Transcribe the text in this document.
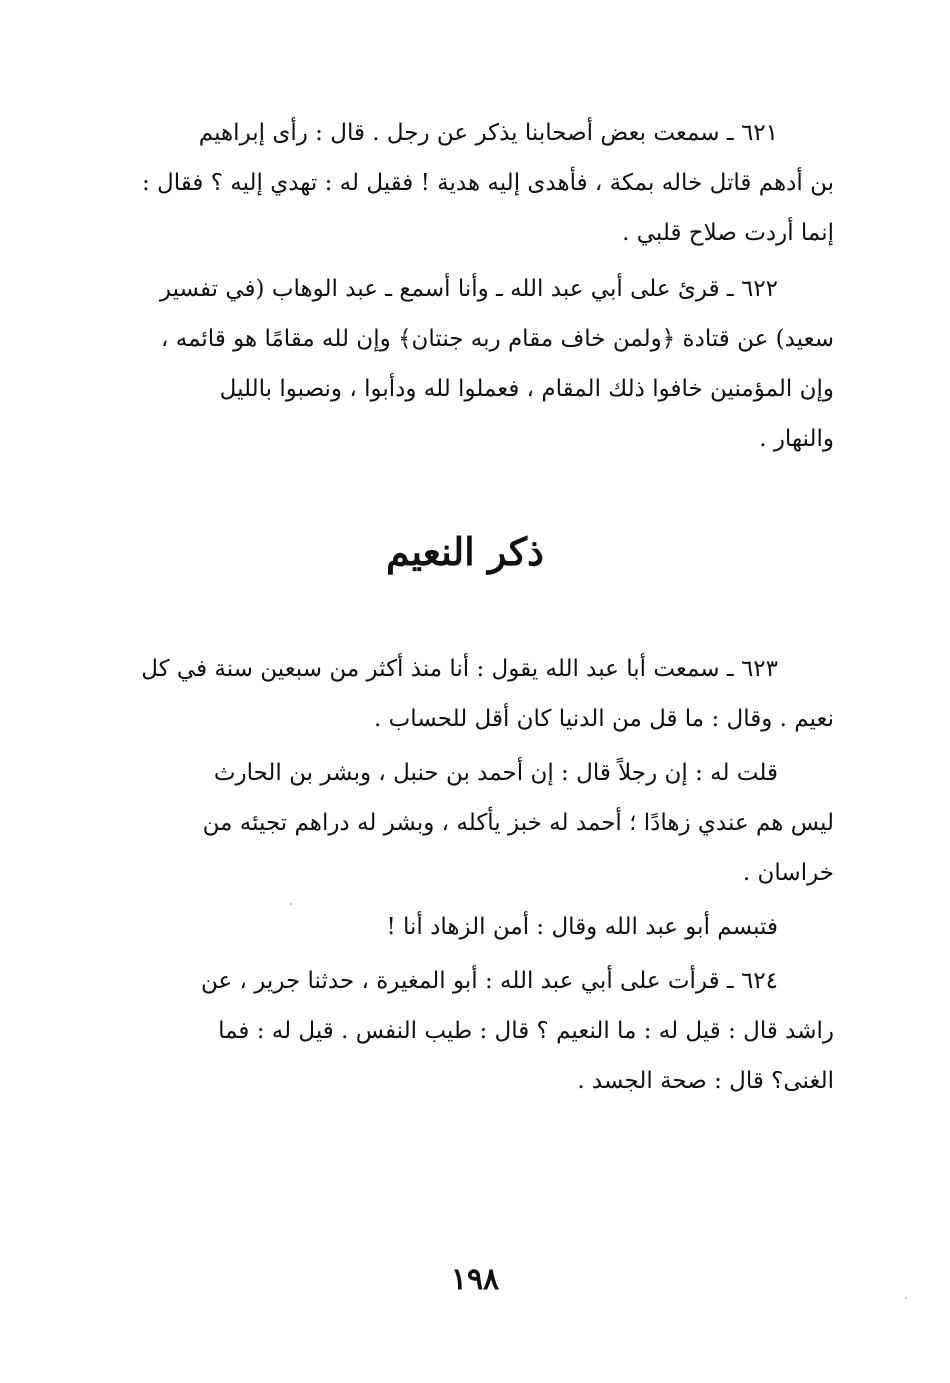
٦٢١ ـ سمعت بعض أصحابنا يذكر عن رجل . قال : رأى إبراهيم
بن أدهم قاتل خاله بمكة ، فأهدى إليه هدية ! فقيل له : تهدي إليه ؟ فقال :
إنما أردت صلاح قلبي .
٦٢٢ ـ قرئ على أبي عبد الله ـ وأنا أسمع ـ عبد الوهاب (في تفسير
سعيد) عن قتادة ﴿ولمن خاف مقام ربه جنتان﴾ وإن لله مقامًا هو قائمه ،
وإن المؤمنين خافوا ذلك المقام ، فعملوا لله ودأبوا ، ونصبوا بالليل
والنهار .
ذكر النعيم
٦٢٣ ـ سمعت أبا عبد الله يقول : أنا منذ أكثر من سبعين سنة في كل
نعيم . وقال : ما قل من الدنيا كان أقل للحساب .
قلت له : إن رجلاً قال : إن أحمد بن حنبل ، وبشر بن الحارث
ليس هم عندي زهادًا ؛ أحمد له خبز يأكله ، وبشر له دراهم تجيئه من
خراسان .
فتبسم أبو عبد الله وقال : أمن الزهاد أنا !
٦٢٤ ـ قرأت على أبي عبد الله : أبو المغيرة ، حدثنا جرير ، عن
راشد قال : قيل له : ما النعيم ؟ قال : طيب النفس . قيل له : فما
الغنى؟ قال : صحة الجسد .
١٩٨
